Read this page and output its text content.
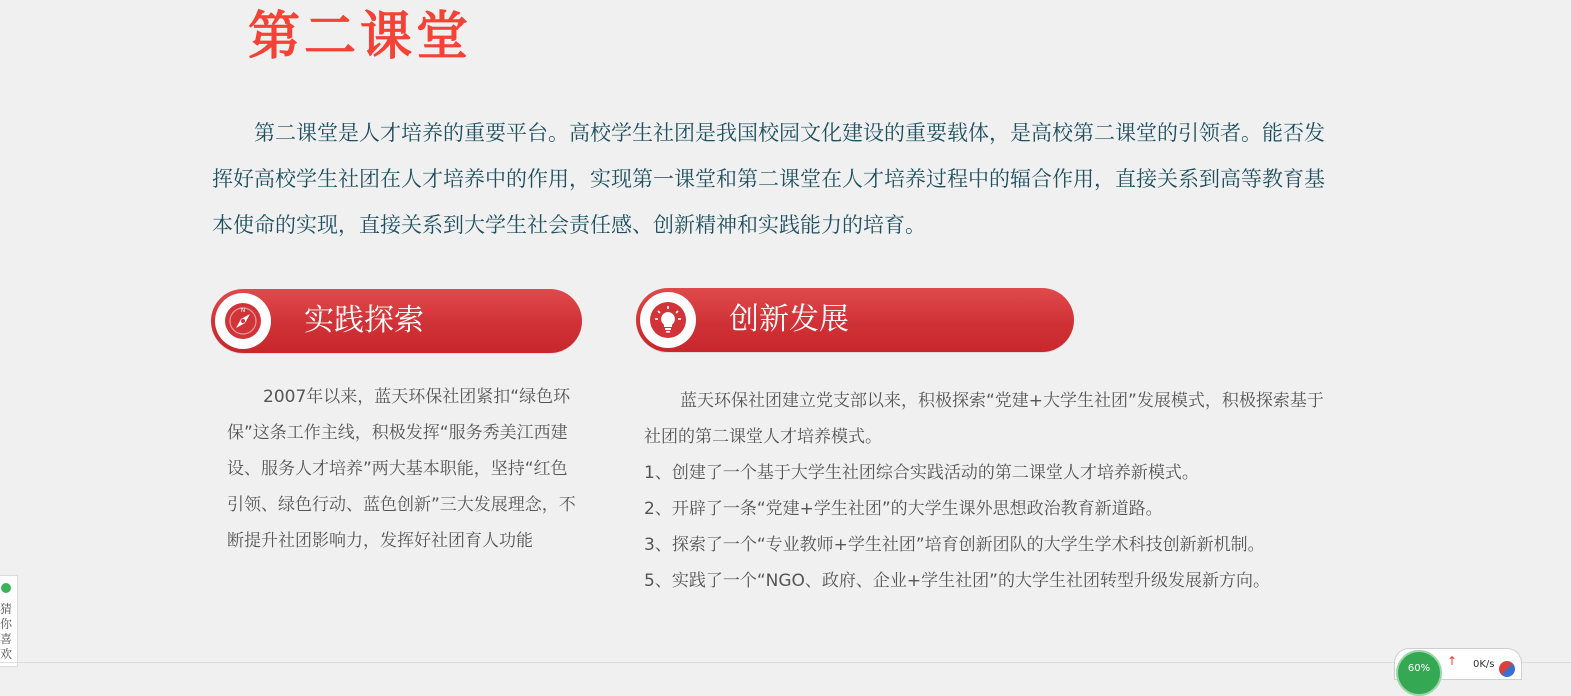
第二课堂

第二课堂是人才培养的重要平台。高校学生社团是我国校园文化建设的重要载体，是高校第二课堂的引领者。能否发挥好高校学生社团在人才培养中的作用，实现第一课堂和第二课堂在人才培养过程中的辐合作用，直接关系到高等教育基本使命的实现，直接关系到大学生社会责任感、创新精神和实践能力的培育。

N 实践探索

2007年以来，蓝天环保社团紧扣“绿色环保”这条工作主线，积极发挥“服务秀美江西建设、服务人才培养”两大基本职能，坚持“红色引领、绿色行动、蓝色创新”三大发展理念，不断提升社团影响力，发挥好社团育人功能

创新发展

蓝天环保社团建立党支部以来，积极探索“党建+大学生社团”发展模式，积极探索基于社团的第二课堂人才培养模式。

1、创建了一个基于大学生社团综合实践活动的第二课堂人才培养新模式。
2、开辟了一条“党建+学生社团”的大学生课外思想政治教育新道路。
3、探索了一个“专业教师+学生社团”培育创新团队的大学生学术科技创新新机制。
5、实践了一个“NGO、政府、企业+学生社团”的大学生社团转型升级发展新方向。
猜你喜欢
60%
↑ 0K/s
